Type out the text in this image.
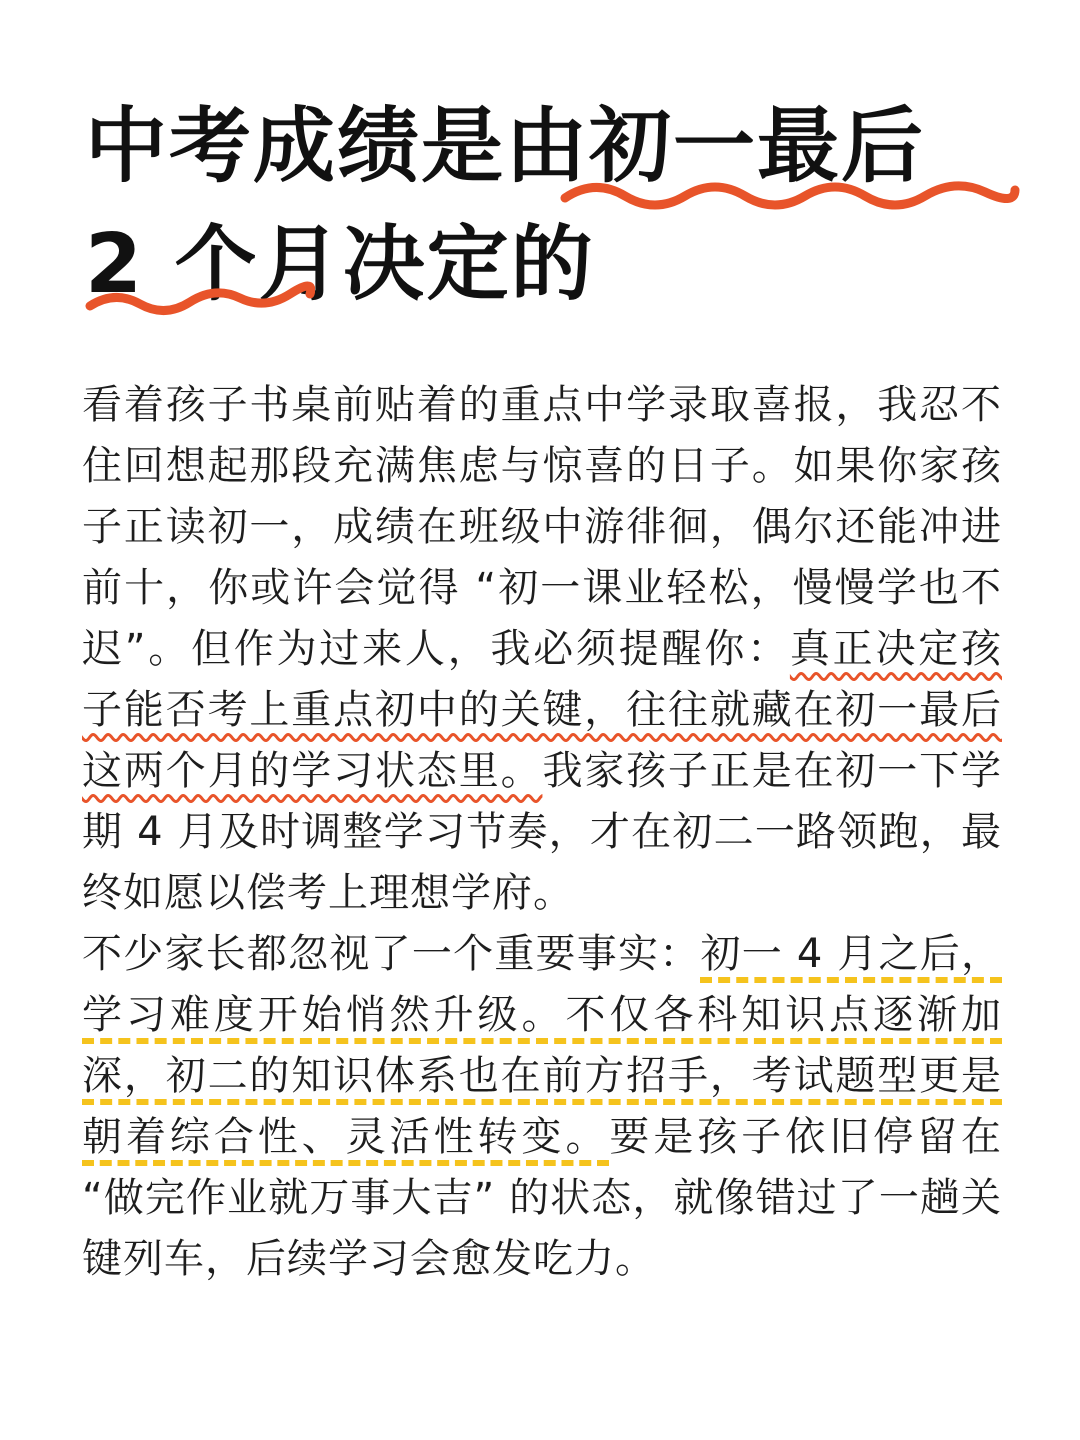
中考成绩是由初一最后
2 个月决定的

看着孩子书桌前贴着的重点中学录取喜报，我忍不住回想起那段充满焦虑与惊喜的日子。如果你家孩子正读初一，成绩在班级中游徘徊，偶尔还能冲进前十，你或许会觉得 “初一课业轻松，慢慢学也不迟”。但作为过来人，我必须提醒你：真正决定孩子能否考上重点初中的关键，往往就藏在初一最后这两个月的学习状态里。我家孩子正是在初一下学期 4 月及时调整学习节奏，才在初二一路领跑，最终如愿以偿考上理想学府。

不少家长都忽视了一个重要事实：初一 4 月之后，学习难度开始悄然升级。不仅各科知识点逐渐加深，初二的知识体系也在前方招手，考试题型更是朝着综合性、灵活性转变。要是孩子依旧停留在 “做完作业就万事大吉” 的状态，就像错过了一趟关键列车，后续学习会愈发吃力。
